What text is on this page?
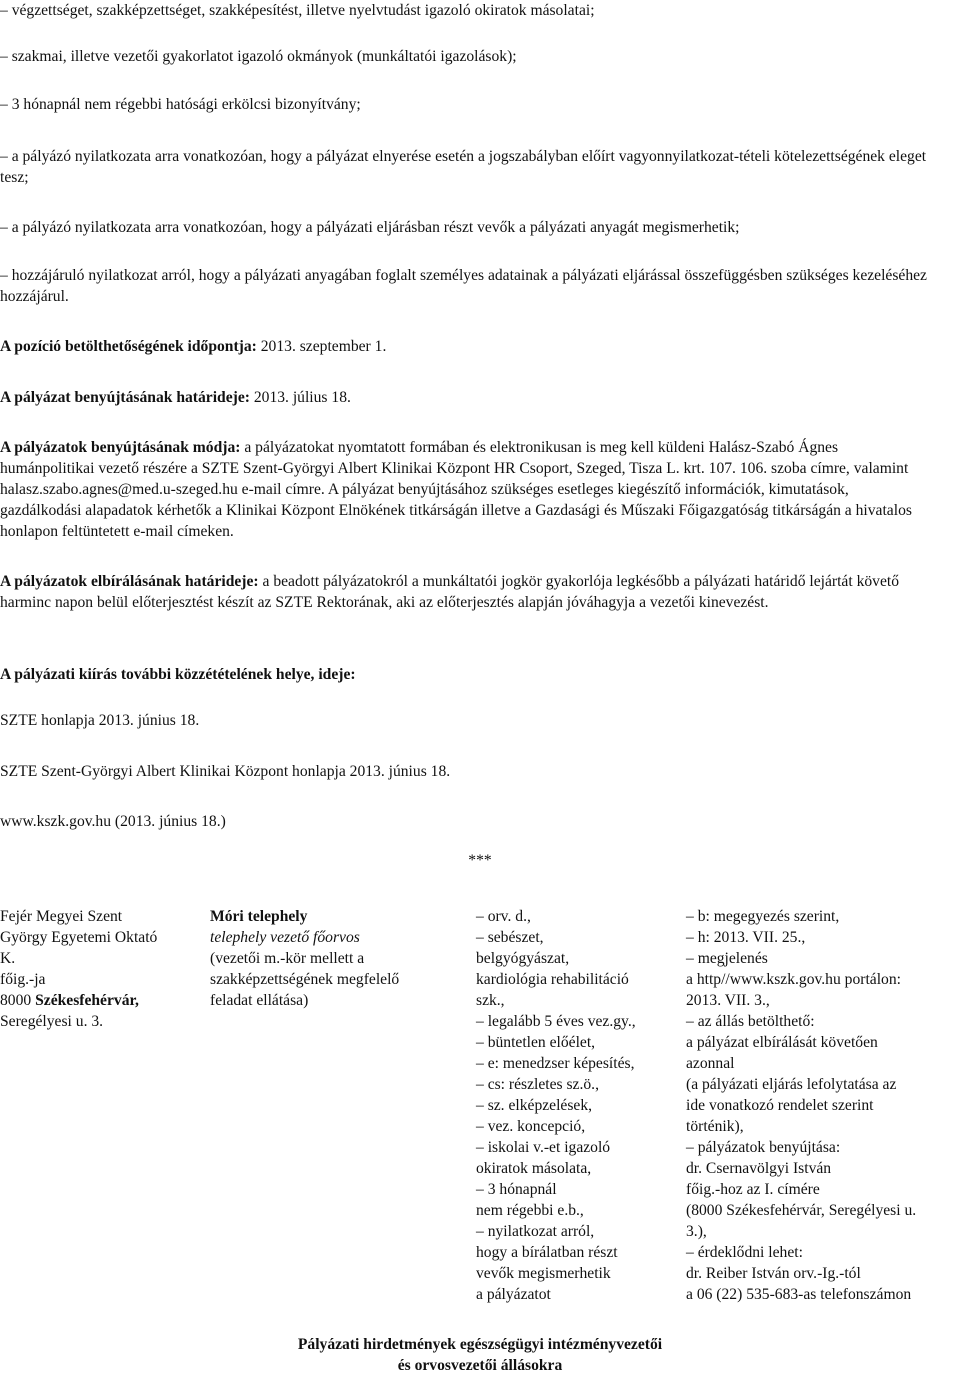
– végzettséget, szakképzettséget, szakképesítést, illetve nyelvtudást igazoló okiratok másolatai;

– szakmai, illetve vezetői gyakorlatot igazoló okmányok (munkáltatói igazolások);

– 3 hónapnál nem régebbi hatósági erkölcsi bizonyítvány;

– a pályázó nyilatkozata arra vonatkozóan, hogy a pályázat elnyerése esetén a jogszabályban előírt vagyonnyilatkozat-tételi kötelezettségének eleget tesz;

– a pályázó nyilatkozata arra vonatkozóan, hogy a pályázati eljárásban részt vevők a pályázati anyagát megismerhetik;

– hozzájáruló nyilatkozat arról, hogy a pályázati anyagában foglalt személyes adatainak a pályázati eljárással összefüggésben szükséges kezeléséhez hozzájárul.

A pozíció betölthetőségének időpontja: 2013. szeptember 1.

A pályázat benyújtásának határideje: 2013. július 18.

A pályázatok benyújtásának módja: a pályázatokat nyomtatott formában és elektronikusan is meg kell küldeni Halász-Szabó Ágnes humánpolitikai vezető részére a SZTE Szent-Györgyi Albert Klinikai Központ HR Csoport, Szeged, Tisza L. krt. 107. 106. szoba címre, valamint halasz.szabo.agnes@med.u-szeged.hu e-mail címre. A pályázat benyújtásához szükséges esetleges kiegészítő információk, kimutatások, gazdálkodási alapadatok kérhetők a Klinikai Központ Elnökének titkárságán illetve a Gazdasági és Műszaki Főigazgatóság titkárságán a hivatalos honlapon feltüntetett e-mail címeken.

A pályázatok elbírálásának határideje: a beadott pályázatokról a munkáltatói jogkör gyakorlója legkésőbb a pályázati határidő lejártát követő harminc napon belül előterjesztést készít az SZTE Rektorának, aki az előterjesztés alapján jóváhagyja a vezetői kinevezést.

A pályázati kiírás további közzétételének helye, ideje:

SZTE honlapja 2013. június 18.

SZTE Szent-Györgyi Albert Klinikai Központ honlapja 2013. június 18.

www.kszk.gov.hu (2013. június 18.)

***
Fejér Megyei Szent
György Egyetemi Oktató
K.
főig.-ja
8000 Székesfehérvár,
Seregélyesi u. 3.
Móri telephely
telephely vezető főorvos
(vezetői m.-kör mellett a
szakképzettségének megfelelő
feladat ellátása)
– orv. d.,
– sebészet,
belgyógyászat,
kardiológia rehabilitáció
szk.,
– legalább 5 éves vez.gy.,
– büntetlen előélet,
– e: menedzser képesítés,
– cs: részletes sz.ö.,
– sz. elképzelések,
– vez. koncepció,
– iskolai v.-et igazoló
okiratok másolata,
– 3 hónapnál
nem régebbi e.b.,
– nyilatkozat arról,
hogy a bírálatban részt
vevők megismerhetik
a pályázatot
– b: megegyezés szerint,
– h: 2013. VII. 25.,
– megjelenés
a http//www.kszk.gov.hu portálon:
2013. VII. 3.,
– az állás betölthető:
a pályázat elbírálását követően
azonnal
(a pályázati eljárás lefolytatása az
ide vonatkozó rendelet szerint
történik),
– pályázatok benyújtása:
dr. Csernavölgyi István
főig.-hoz az I. címére
(8000 Székesfehérvár, Seregélyesi u.
3.),
– érdeklődni lehet:
dr. Reiber István orv.-Ig.-tól
a 06 (22) 535-683-as telefonszámon
Pályázati hirdetmények egészségügyi intézményvezetői
és orvosvezetői állásokra
